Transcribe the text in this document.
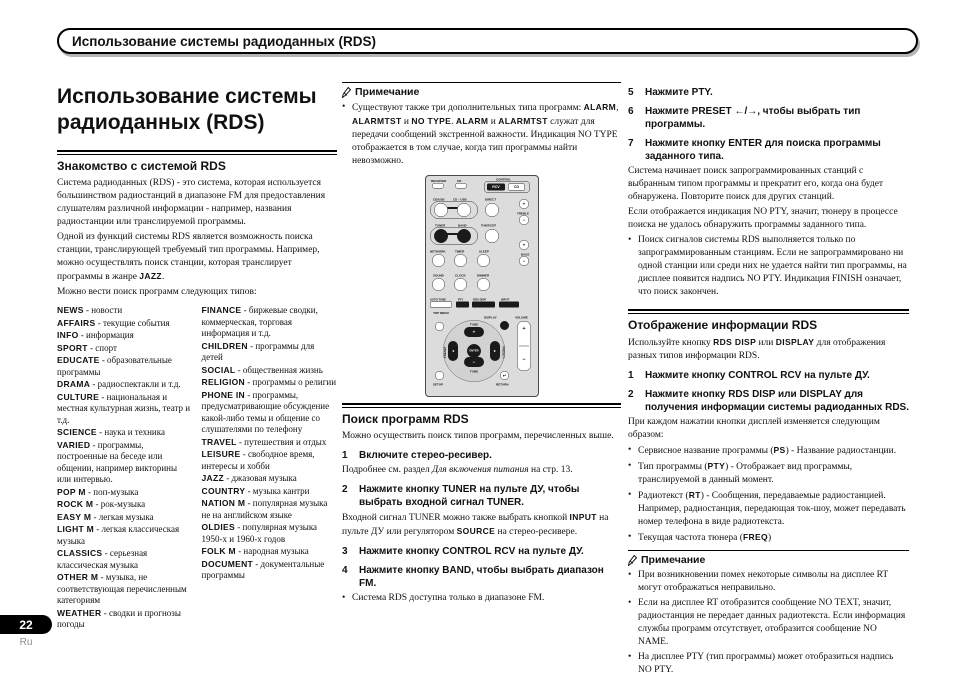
Использование системы радиоданных (RDS)
Использование системы
радиоданных (RDS)
Знакомство с системой RDS

Система радиоданных (RDS) - это система, которая используется большинством радиостанций в диапазоне FM для предоставления слушателям различной информации - например, названия радиостанции или транслируемой программы.

Одной из функций системы RDS является возможность поиска станции, транслирующей требуемый тип программы. Например, можно осуществлять поиск станции, которая транслирует программы в жанре JAZZ.

Можно вести поиск программ следующих типов:

NEWS - новости
AFFAIRS - текущие события
INFO - информация
SPORT - спорт
EDUCATE - образовательные программы
DRAMA - радиоспектакли и т.д.
CULTURE - национальная и местная культурная жизнь, театр и т.д.
SCIENCE - наука и техника
VARIED - программы, построенные на беседе или общении, например викторины или интервью.
POP M - поп-музыка
ROCK M - рок-музыка
EASY M - легкая музыка
LIGHT M - легкая классическая музыка
CLASSICS - серьезная классическая музыка
OTHER M - музыка, не соответствующая перечисленным категориям
WEATHER - сводки и прогнозы погоды
FINANCE - биржевые сводки, коммерческая, торговая информация и т.д.
CHILDREN - программы для детей
SOCIAL - общественная жизнь
RELIGION - программы о религии
PHONE IN - программы, предусматривающие обсуждение какой-либо темы и общение со слушателями по телефону
TRAVEL - путешествия и отдых
LEISURE - свободное время, интересы и хобби
JAZZ - джазовая музыка
COUNTRY - музыка кантри
NATION M - популярная музыка не на английском языке
OLDIES - популярная музыка 1950-х и 1960-х годов
FOLK M - народная музыка
DOCUMENT - документальные программы
Примечание
• Существуют также три дополнительных типа программ: ALARM, ALARMTST и NO TYPE. ALARM и ALARMTST служат для передачи сообщений экстренной важности. Индикация NO TYPE отображается в том случае, когда тип программы найти невозможно.
RECEIVER CD	CONTROL
RCV	CD
CD/USB CD→USB	DIRECT
+
TREBLE
−
TUNER BAND	TUNER EDIT
+
BASS
−
NETWORK TIMER SLEEP
SOUND CLOCK DIMMER
AUTO TUNE PTY RDS DISP	INPUT
TOP MENU
DISPLAY	VOLUME
+
−
TUNE
+
PRESET ◄	ENTER	► PRESET
−
TUNE
SETUP
↵
RETURN
Поиск программ RDS

Можно осуществить поиск типов программ, перечисленных выше.

1	Включите стерео-ресивер.

Подробнее см. раздел Для включения питания на стр. 13.

2	Нажмите кнопку TUNER на пульте ДУ, чтобы выбрать входной сигнал TUNER.

Входной сигнал TUNER можно также выбрать кнопкой INPUT на пульте ДУ или регулятором SOURCE на стерео-ресивере.

3	Нажмите кнопку CONTROL RCV на пульте ДУ.
4	Нажмите кнопку BAND, чтобы выбрать диапазон FM.
• Система RDS доступна только в диапазоне FM.
5	Нажмите PTY.
6	Нажмите PRESET ←/→, чтобы выбрать тип программы.
7	Нажмите кнопку ENTER для поиска программы заданного типа.

Система начинает поиск запрограммированных станций с выбранным типом программы и прекратит его, когда она будет обнаружена. Повторите поиск для других станций.

Если отображается индикация NO PTY, значит, тюнеру в процессе поиска не удалось обнаружить программы заданного типа.

• Поиск сигналов системы RDS выполняется только по запрограммированным станциям. Если не запрограммировано ни одной станции или среди них не удается найти тип программы, на дисплее появится надпись NO PTY. Индикация FINISH означает, что поиск закончен.
Отображение информации RDS

Используйте кнопку RDS DISP или DISPLAY для отображения разных типов информации RDS.

1	Нажмите кнопку CONTROL RCV на пульте ДУ.
2	Нажмите кнопку RDS DISP или DISPLAY для получения информации системы радиоданных RDS.

При каждом нажатии кнопки дисплей изменяется следующим образом:

• Сервисное название программы (PS) - Название радиостанции.
• Тип программы (PTY) - Отображает вид программы, транслируемой в данный момент.
• Радиотекст (RT) - Сообщения, передаваемые радиостанцией. Например, радиостанция, передающая ток-шоу, может передавать номер телефона в виде радиотекста.
• Текущая частота тюнера (FREQ)
Примечание
• При возникновении помех некоторые символы на дисплее RT могут отображаться неправильно.
• Если на дисплее RT отобразится сообщение NO TEXT, значит, радиостанция не передает данных радиотекста. Если информация службы программ отсутствует, отобразится сообщение NO NAME.
• На дисплее PTY (тип программы) может отобразиться надпись NO PTY.
22
Ru
